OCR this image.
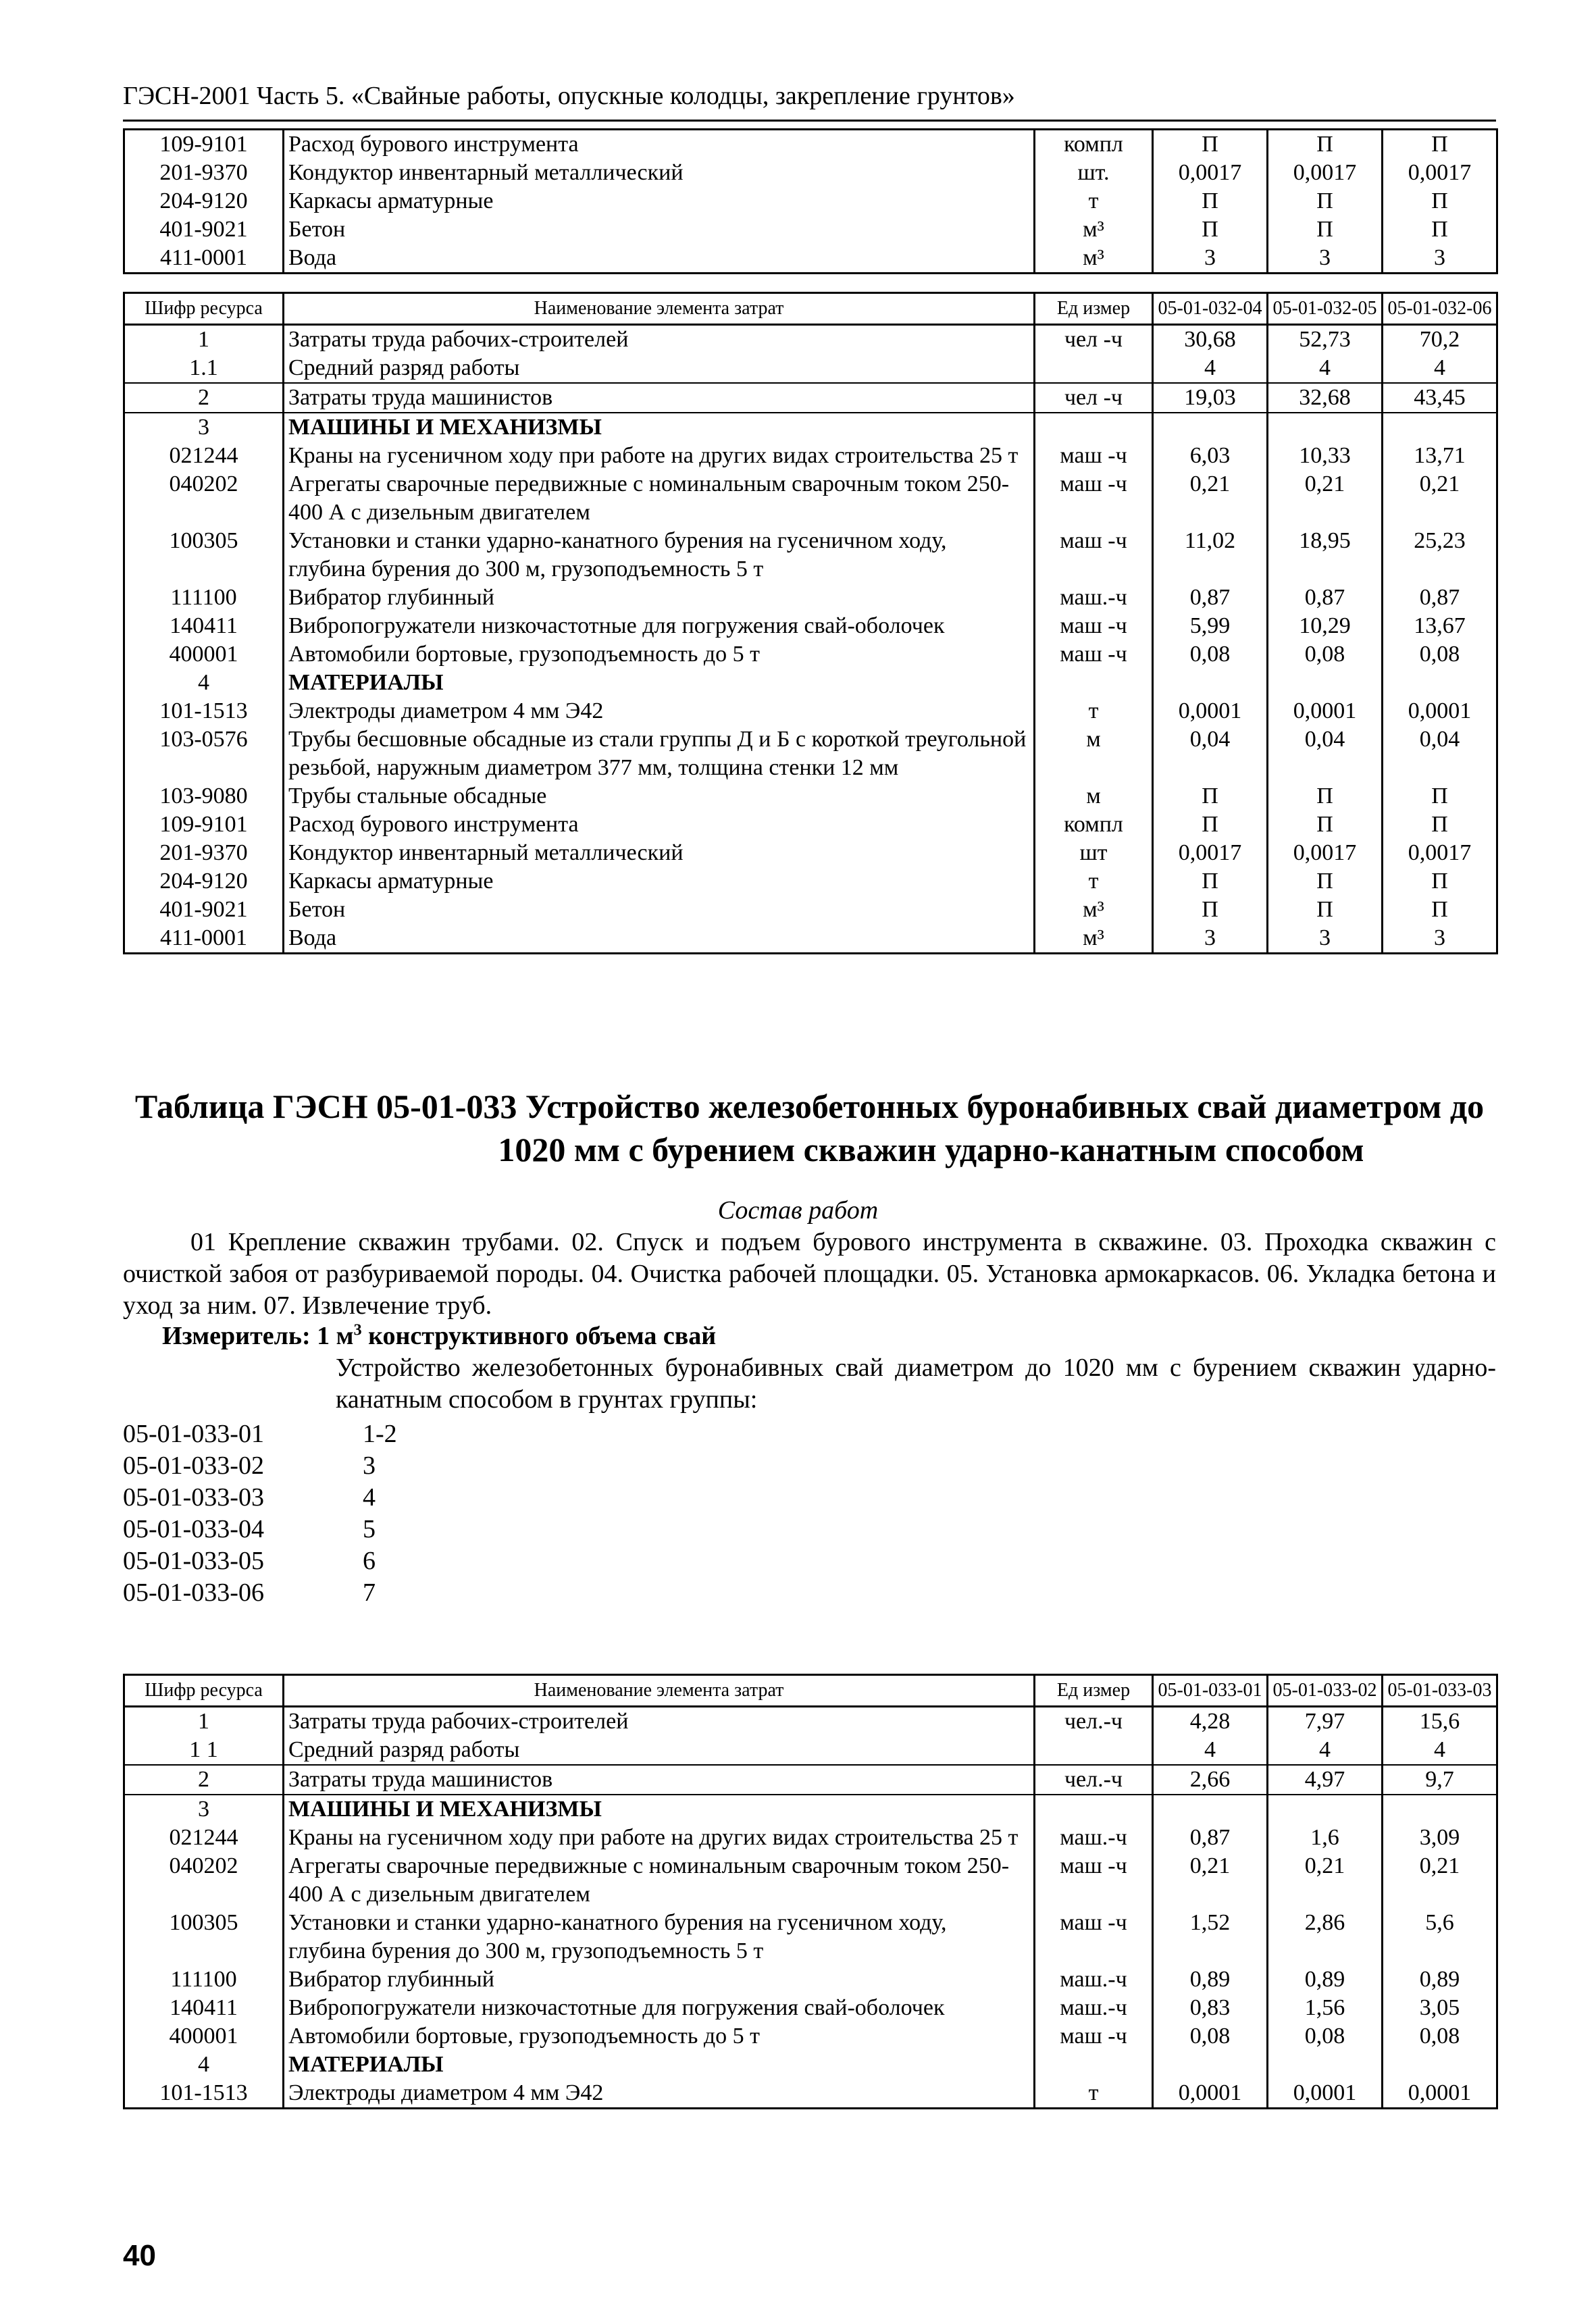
ГЭСН-2001 Часть 5. «Свайные работы, опускные колодцы, закрепление грунтов»
109-9101	Расход бурового инструмента	компл	П	П	П
201-9370	Кондуктор инвентарный металлический	шт.	0,0017	0,0017	0,0017
204-9120	Каркасы арматурные	т	П	П	П
401-9021	Бетон	м³	П	П	П
411-0001	Вода	м³	3	3	3
Шифр ресурса	Наименование элемента затрат	Ед измер	05-01-032-04	05-01-032-05	05-01-032-06
1	Затраты труда рабочих-строителей	чел -ч	30,68	52,73	70,2
1.1	Средний разряд работы		4	4	4
2	Затраты труда машинистов	чел -ч	19,03	32,68	43,45
3	МАШИНЫ И МЕХАНИЗМЫ				
021244	Краны на гусеничном ходу при работе на других видах строительства 25 т	маш -ч	6,03	10,33	13,71
040202	Агрегаты сварочные передвижные с номинальным сварочным током 250-400 А с дизельным двигателем	маш -ч	0,21	0,21	0,21
100305	Установки и станки ударно-канатного бурения на гусеничном ходу, глубина бурения до 300 м, грузоподъемность 5 т	маш -ч	11,02	18,95	25,23
111100	Вибратор глубинный	маш.-ч	0,87	0,87	0,87
140411	Вибропогружатели низкочастотные для погружения свай-оболочек	маш -ч	5,99	10,29	13,67
400001	Автомобили бортовые, грузоподъемность до 5 т	маш -ч	0,08	0,08	0,08
4	МАТЕРИАЛЫ				
101-1513	Электроды диаметром 4 мм Э42	т	0,0001	0,0001	0,0001
103-0576	Трубы бесшовные обсадные из стали группы Д и Б с короткой треугольной резьбой, наружным диаметром 377 мм, толщина стенки 12 мм	м	0,04	0,04	0,04
103-9080	Трубы стальные обсадные	м	П	П	П
109-9101	Расход бурового инструмента	компл	П	П	П
201-9370	Кондуктор инвентарный металлический	шт	0,0017	0,0017	0,0017
204-9120	Каркасы арматурные	т	П	П	П
401-9021	Бетон	м³	П	П	П
411-0001	Вода	м³	3	3	3
Таблица ГЭСН 05-01-033 Устройство железобетонных буронабивных свай диаметром до
1020 мм с бурением скважин ударно-канатным способом
Состав работ
01 Крепление скважин трубами. 02. Спуск и подъем бурового инструмента в скважине. 03. Проходка скважин с очисткой забоя от разбуриваемой породы. 04. Очистка рабочей площадки. 05. Установка армокаркасов. 06. Укладка бетона и уход за ним. 07. Извлечение труб.
Измеритель: 1 $м^3$ конструктивного объема свай
Устройство железобетонных буронабивных свай диаметром до 1020 мм с бурением скважин ударно-канатным способом в грунтах группы:
05-01-033-01	1-2
05-01-033-02	3
05-01-033-03	4
05-01-033-04	5
05-01-033-05	6
05-01-033-06	7
Шифр ресурса	Наименование элемента затрат	Ед измер	05-01-033-01	05-01-033-02	05-01-033-03
1	Затраты труда рабочих-строителей	чел.-ч	4,28	7,97	15,6
1 1	Средний разряд работы		4	4	4
2	Затраты труда машинистов	чел.-ч	2,66	4,97	9,7
3	МАШИНЫ И МЕХАНИЗМЫ				
021244	Краны на гусеничном ходу при работе на других видах строительства 25 т	маш.-ч	0,87	1,6	3,09
040202	Агрегаты сварочные передвижные с номинальным сварочным током 250-400 А с дизельным двигателем	маш -ч	0,21	0,21	0,21
100305	Установки и станки ударно-канатного бурения на гусеничном ходу, глубина бурения до 300 м, грузоподъемность 5 т	маш -ч	1,52	2,86	5,6
111100	Вибратор глубинный	маш.-ч	0,89	0,89	0,89
140411	Вибропогружатели низкочастотные для погружения свай-оболочек	маш.-ч	0,83	1,56	3,05
400001	Автомобили бортовые, грузоподъемность до 5 т	маш -ч	0,08	0,08	0,08
4	МАТЕРИАЛЫ				
101-1513	Электроды диаметром 4 мм Э42	т	0,0001	0,0001	0,0001
40
